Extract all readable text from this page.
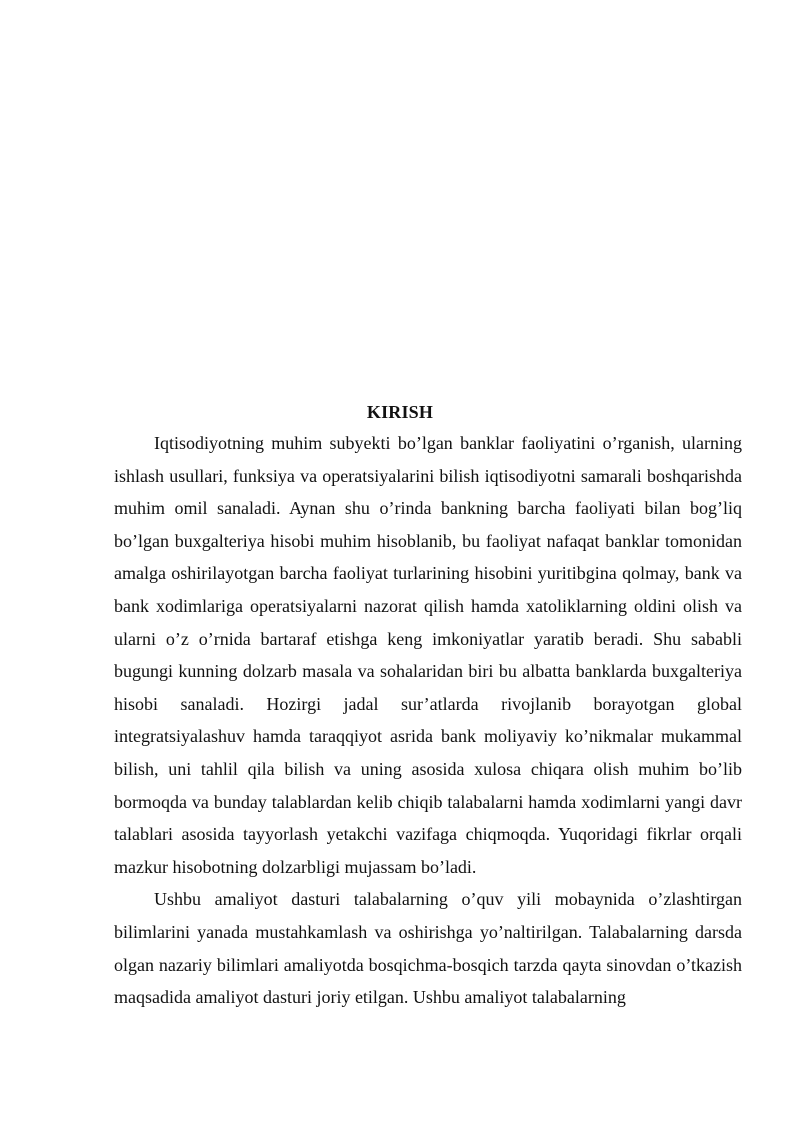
KIRISH

Iqtisodiyotning muhim subyekti bo’lgan banklar faoliyatini o’rganish, ularning ishlash usullari, funksiya va operatsiyalarini bilish iqtisodiyotni samarali boshqarishda muhim omil sanaladi. Aynan shu o’rinda bankning barcha faoliyati bilan bog’liq bo’lgan buxgalteriya hisobi muhim hisoblanib, bu faoliyat nafaqat banklar tomonidan amalga oshirilayotgan barcha faoliyat turlarining hisobini yuritibgina qolmay, bank va bank xodimlariga operatsiyalarni nazorat qilish hamda xatoliklarning oldini olish va ularni o’z o’rnida bartaraf etishga keng imkoniyatlar yaratib beradi. Shu sababli bugungi kunning dolzarb masala va sohalaridan biri bu albatta banklarda buxgalteriya hisobi sanaladi. Hozirgi jadal sur’atlarda rivojlanib borayotgan global integratsiyalashuv hamda taraqqiyot asrida bank moliyaviy ko’nikmalar mukammal bilish, uni tahlil qila bilish va uning asosida xulosa chiqara olish muhim bo’lib bormoqda va bunday talablardan kelib chiqib talabalarni hamda xodimlarni yangi davr talablari asosida tayyorlash yetakchi vazifaga chiqmoqda. Yuqoridagi fikrlar orqali mazkur hisobotning dolzarbligi mujassam bo’ladi.

Ushbu amaliyot dasturi talabalarning o’quv yili mobaynida o’zlashtirgan bilimlarini yanada mustahkamlash va oshirishga yo’naltirilgan. Talabalarning darsda olgan nazariy bilimlari amaliyotda bosqichma-bosqich tarzda qayta sinovdan o’tkazish maqsadida amaliyot dasturi joriy etilgan. Ushbu amaliyot talabalarning
